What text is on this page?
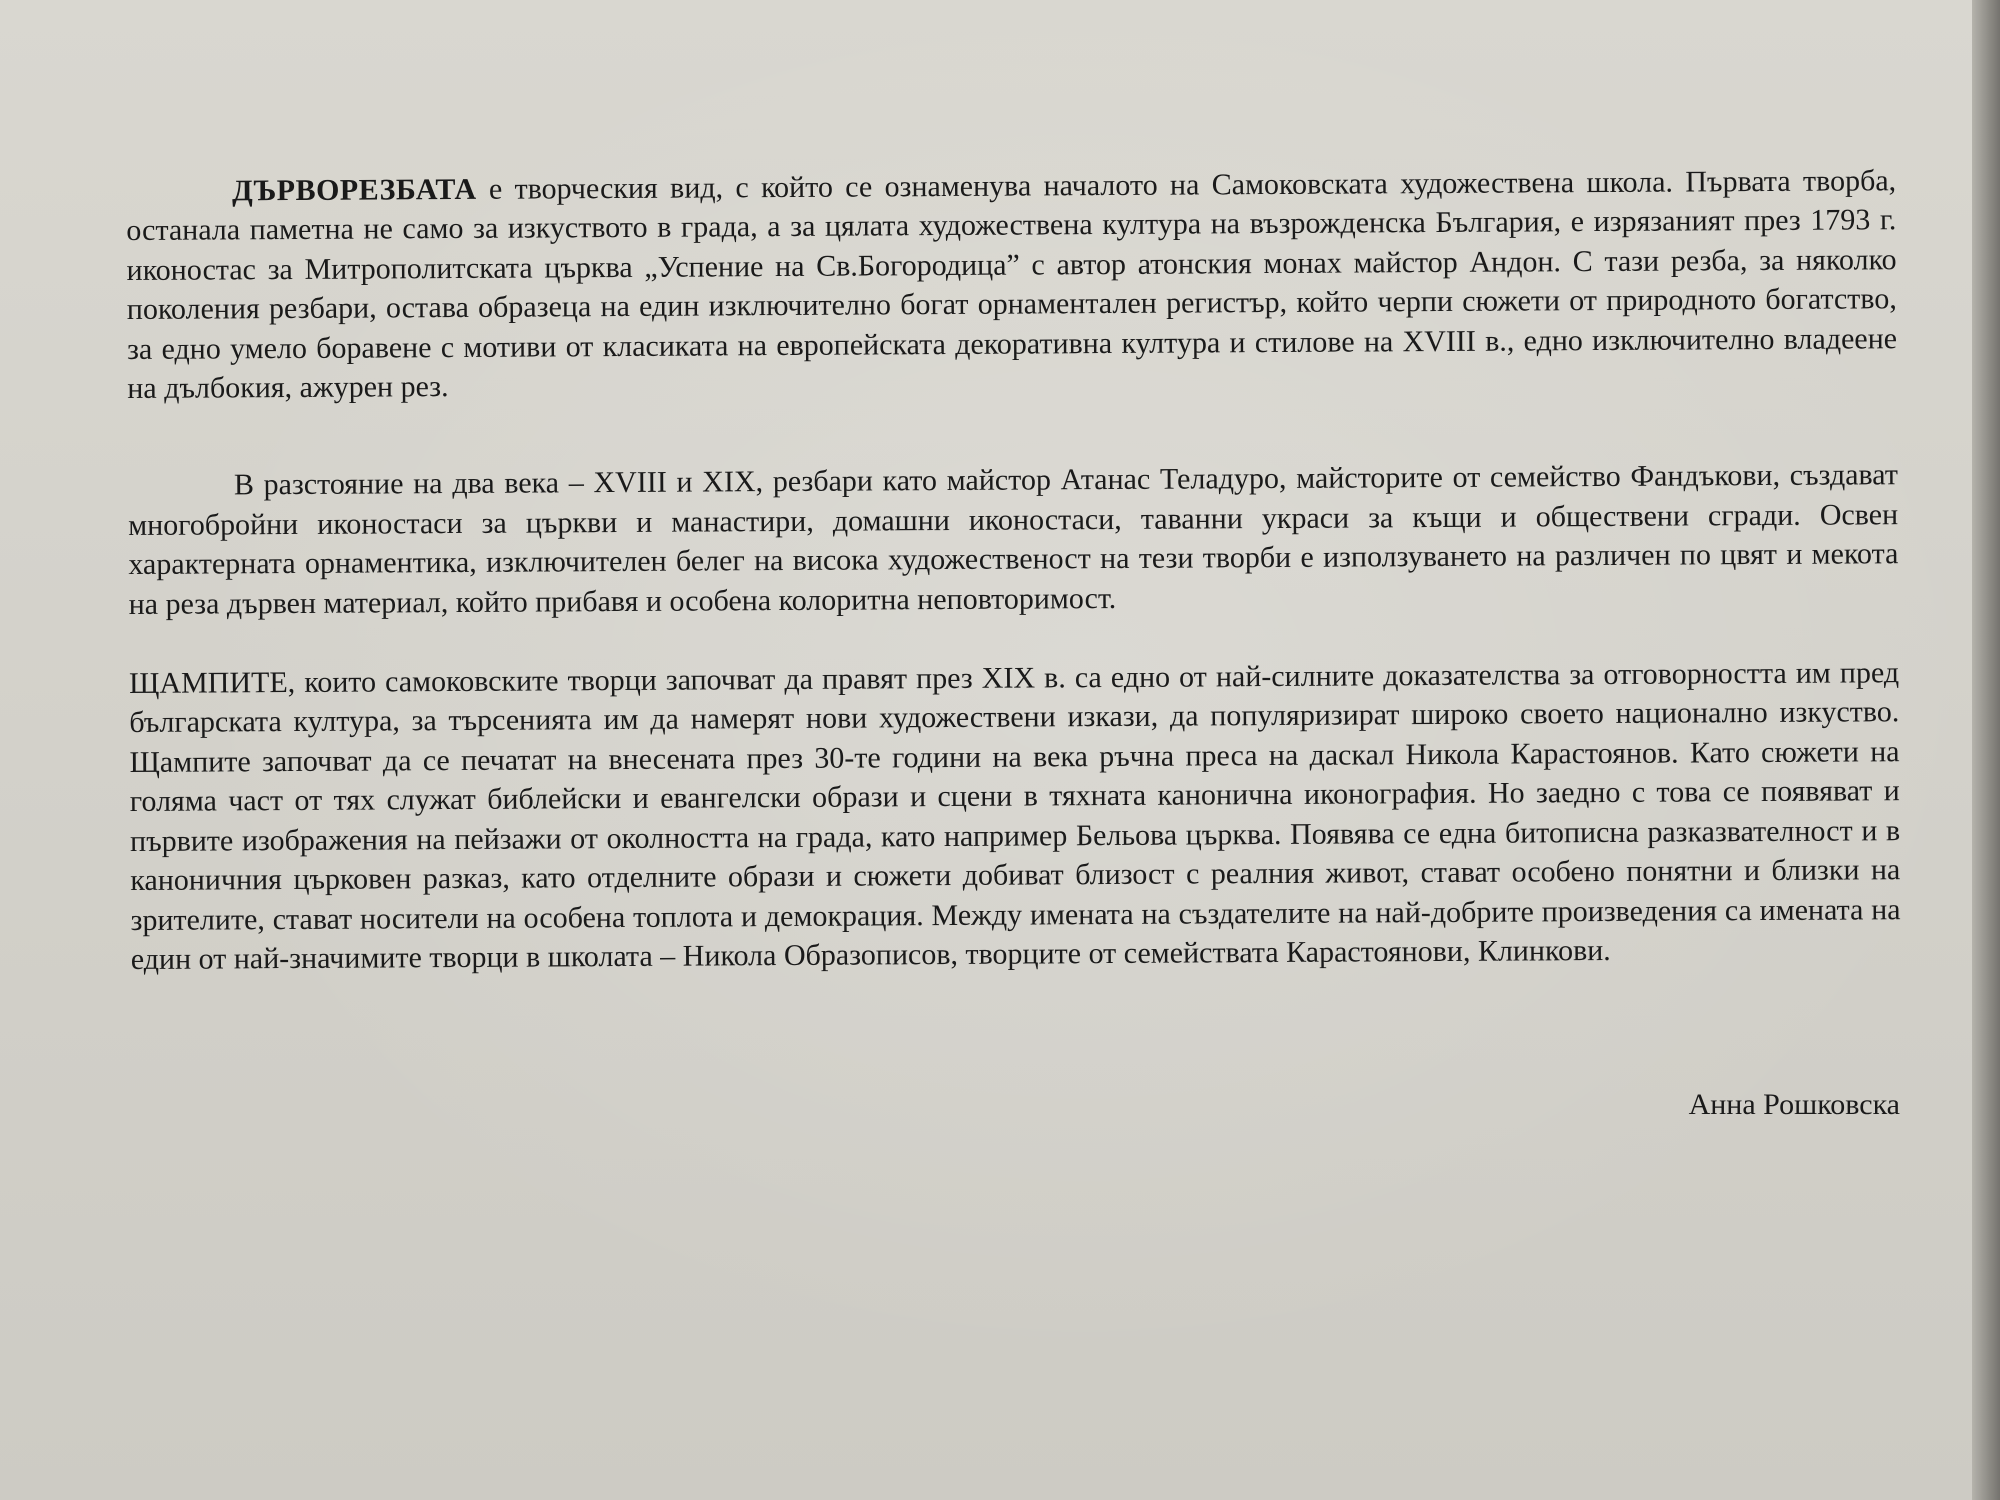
ДЪРВОРЕЗБАТА е творческия вид, с който се ознаменува началото на Самоковската художествена школа. Първата творба, останала паметна не само за изкуството в града, а за цялата художествена култура на възрожденска България, е изрязаният през 1793 г. иконостас за Митрополитската църква „Успение на Св.Богородица” с автор атонския монах майстор Андон. С тази резба, за няколко поколения резбари, остава образеца на един изключително богат орнаментален регистър, който черпи сюжети от природното богатство, за едно умело боравене с мотиви от класиката на европейската декоративна култура и стилове на XVIII в., едно изключително владеене на дълбокия, ажурен рез.

В разстояние на два века – XVIII и XIX, резбари като майстор Атанас Теладуро, майсторите от семейство Фандъкови, създават многобройни иконостаси за църкви и манастири, домашни иконостаси, таванни украси за къщи и обществени сгради. Освен характерната орнаментика, изключителен белег на висока художественост на тези творби е използуването на различен по цвят и мекота на реза дървен материал, който прибавя и особена колоритна неповторимост.

ЩАМПИТЕ, които самоковските творци започват да правят през XIX в. са едно от най-силните доказателства за отговорността им пред българската култура, за търсенията им да намерят нови художествени изкази, да популяризират широко своето национално изкуство. Щампите започват да се печатат на внесената през 30-те години на века ръчна преса на даскал Никола Карастоянов. Като сюжети на голяма част от тях служат библейски и евангелски образи и сцени в тяхната канонична иконография. Но заедно с това се появяват и първите изображения на пейзажи от околността на града, като например Бельова църква. Появява се една битописна разказвателност и в каноничния църковен разказ, като отделните образи и сюжети добиват близост с реалния живот, стават особено понятни и близки на зрителите, стават носители на особена топлота и демокрация. Между имената на създателите на най-добрите произведения са имената на един от най-значимите творци в школата – Никола Образописов, творците от семействата Карастоянови, Клинкови.

Анна Рошковска
